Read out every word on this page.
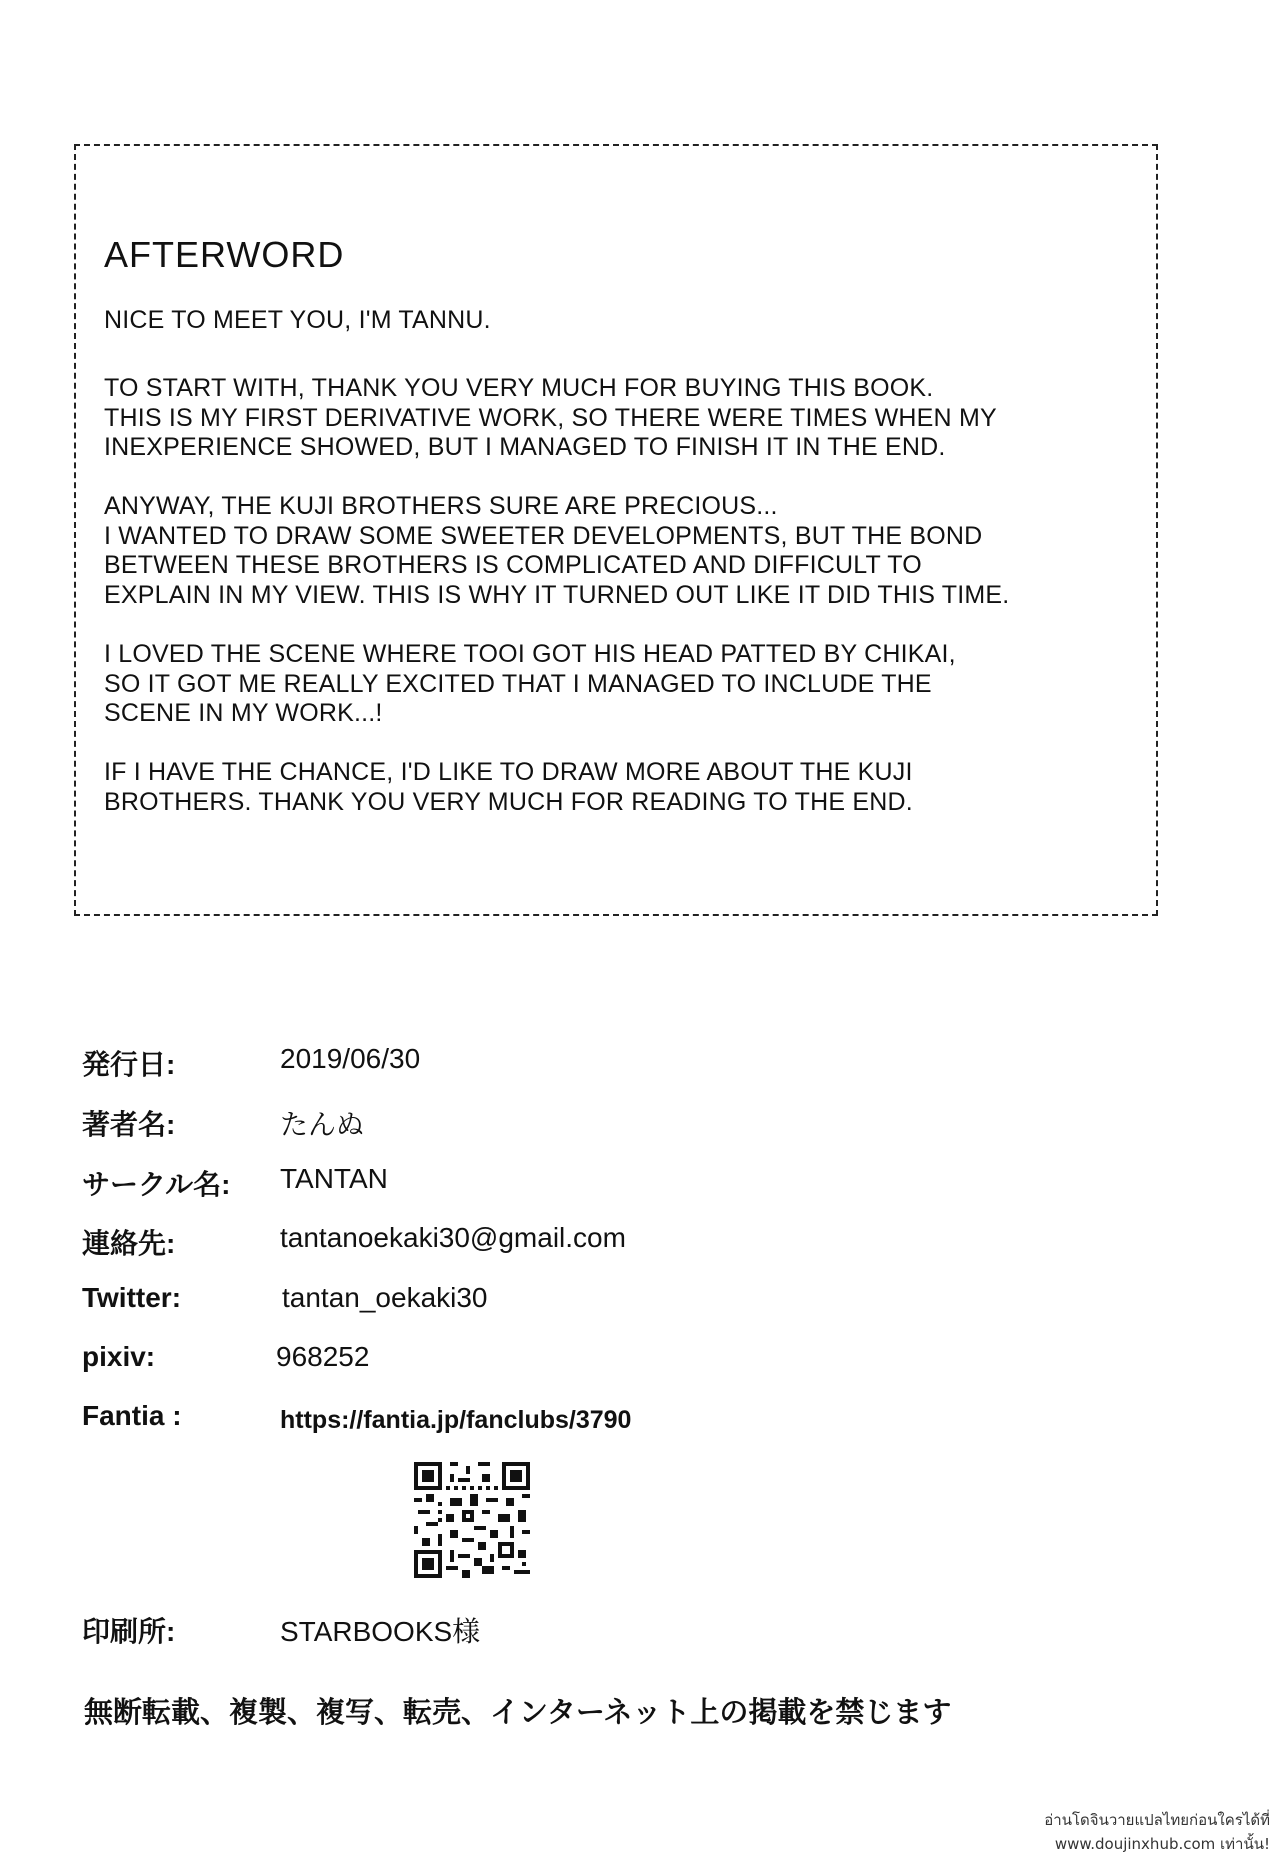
AFTERWORD

NICE TO MEET YOU, I'M TANNU.

TO START WITH, THANK YOU VERY MUCH FOR BUYING THIS BOOK.
THIS IS MY FIRST DERIVATIVE WORK, SO THERE WERE TIMES WHEN MY
INEXPERIENCE SHOWED, BUT I MANAGED TO FINISH IT IN THE END.

ANYWAY, THE KUJI BROTHERS SURE ARE PRECIOUS...
I WANTED TO DRAW SOME SWEETER DEVELOPMENTS, BUT THE BOND
BETWEEN THESE BROTHERS IS COMPLICATED AND DIFFICULT TO
EXPLAIN IN MY VIEW. THIS IS WHY IT TURNED OUT LIKE IT DID THIS TIME.

I LOVED THE SCENE WHERE TOOI GOT HIS HEAD PATTED BY CHIKAI,
SO IT GOT ME REALLY EXCITED THAT I MANAGED TO INCLUDE THE
SCENE IN MY WORK...!

IF I HAVE THE CHANCE, I'D LIKE TO DRAW MORE ABOUT THE KUJI
BROTHERS. THANK YOU VERY MUCH FOR READING TO THE END.

発行日:	2019/06/30
著者名:	たんぬ
サークル名: TANTAN
連絡先:	tantanoekaki30@gmail.com
Twitter:	tantan_oekaki30
pixiv:	968252
Fantia :	https://fantia.jp/fanclubs/3790
印刷所:	STARBOOKS様
無断転載、複製、複写、転売、インターネット上の掲載を禁じます
อ่านโดจินวายแปลไทยก่อนใครได้ที่
www.doujinxhub.com เท่านั้น!
